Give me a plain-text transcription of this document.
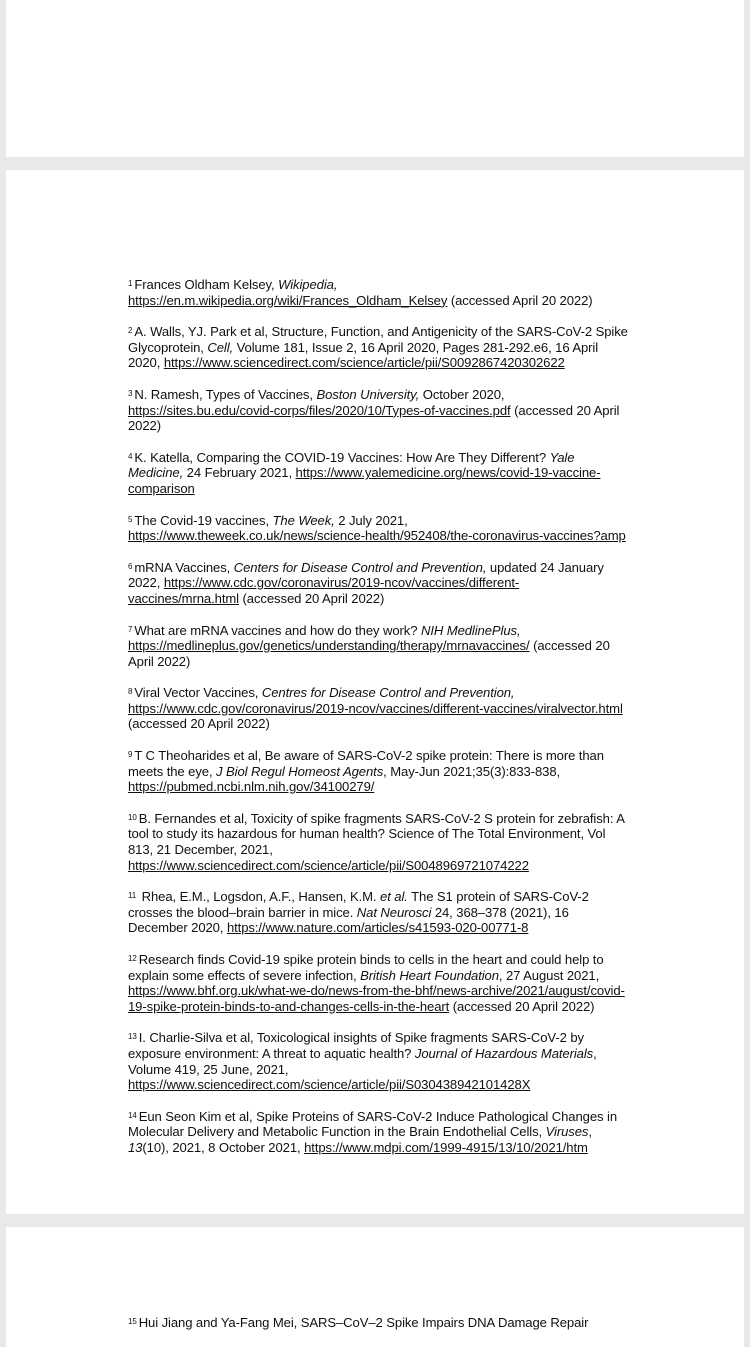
$^1$ Frances Oldham Kelsey, Wikipedia, https://en.m.wikipedia.org/wiki/Frances_Oldham_Kelsey (accessed April 20 2022)

$^2$ A. Walls, YJ. Park et al, Structure, Function, and Antigenicity of the SARS-CoV-2 Spike Glycoprotein, Cell, Volume 181, Issue 2, 16 April 2020, Pages 281-292.e6, 16 April 2020, https://www.sciencedirect.com/science/article/pii/S0092867420302622

$^3$ N. Ramesh, Types of Vaccines, Boston University, October 2020, https://sites.bu.edu/covid-corps/files/2020/10/Types-of-vaccines.pdf (accessed 20 April 2022)

$^4$ K. Katella, Comparing the COVID-19 Vaccines: How Are They Different? Yale Medicine, 24 February 2021, https://www.yalemedicine.org/news/covid-19-vaccine-comparison

$^5$ The Covid-19 vaccines, The Week, 2 July 2021, https://www.theweek.co.uk/news/science-health/952408/the-coronavirus-vaccines?amp

$^6$ mRNA Vaccines, Centers for Disease Control and Prevention, updated 24 January 2022, https://www.cdc.gov/coronavirus/2019-ncov/vaccines/different-vaccines/mrna.html (accessed 20 April 2022)

$^7$ What are mRNA vaccines and how do they work? NIH MedlinePlus, https://medlineplus.gov/genetics/understanding/therapy/mrnavaccines/ (accessed 20 April 2022)

$^8$ Viral Vector Vaccines, Centres for Disease Control and Prevention, https://www.cdc.gov/coronavirus/2019-ncov/vaccines/different-vaccines/viralvector.html (accessed 20 April 2022)

$^9$ T C Theoharides et al, Be aware of SARS-CoV-2 spike protein: There is more than meets the eye, J Biol Regul Homeost Agents, May-Jun 2021;35(3):833-838, https://pubmed.ncbi.nlm.nih.gov/34100279/

$^{10}$ B. Fernandes et al, Toxicity of spike fragments SARS-CoV-2 S protein for zebrafish: A tool to study its hazardous for human health? Science of The Total Environment, Vol 813, 21 December, 2021, https://www.sciencedirect.com/science/article/pii/S0048969721074222

$^{11}$ Rhea, E.M., Logsdon, A.F., Hansen, K.M. et al. The S1 protein of SARS-CoV-2 crosses the blood–brain barrier in mice. Nat Neurosci 24, 368–378 (2021), 16 December 2020, https://www.nature.com/articles/s41593-020-00771-8

$^{12}$ Research finds Covid-19 spike protein binds to cells in the heart and could help to explain some effects of severe infection, British Heart Foundation, 27 August 2021, https://www.bhf.org.uk/what-we-do/news-from-the-bhf/news-archive/2021/august/covid-19-spike-protein-binds-to-and-changes-cells-in-the-heart (accessed 20 April 2022)

$^{13}$ I. Charlie-Silva et al, Toxicological insights of Spike fragments SARS-CoV-2 by exposure environment: A threat to aquatic health? Journal of Hazardous Materials, Volume 419, 25 June, 2021, https://www.sciencedirect.com/science/article/pii/S030438942101428X

$^{14}$ Eun Seon Kim et al, Spike Proteins of SARS-CoV-2 Induce Pathological Changes in Molecular Delivery and Metabolic Function in the Brain Endothelial Cells, Viruses, 13(10), 2021, 8 October 2021, https://www.mdpi.com/1999-4915/13/10/2021/htm

$^{15}$ Hui Jiang and Ya-Fang Mei, SARS–CoV–2 Spike Impairs DNA Damage Repair
